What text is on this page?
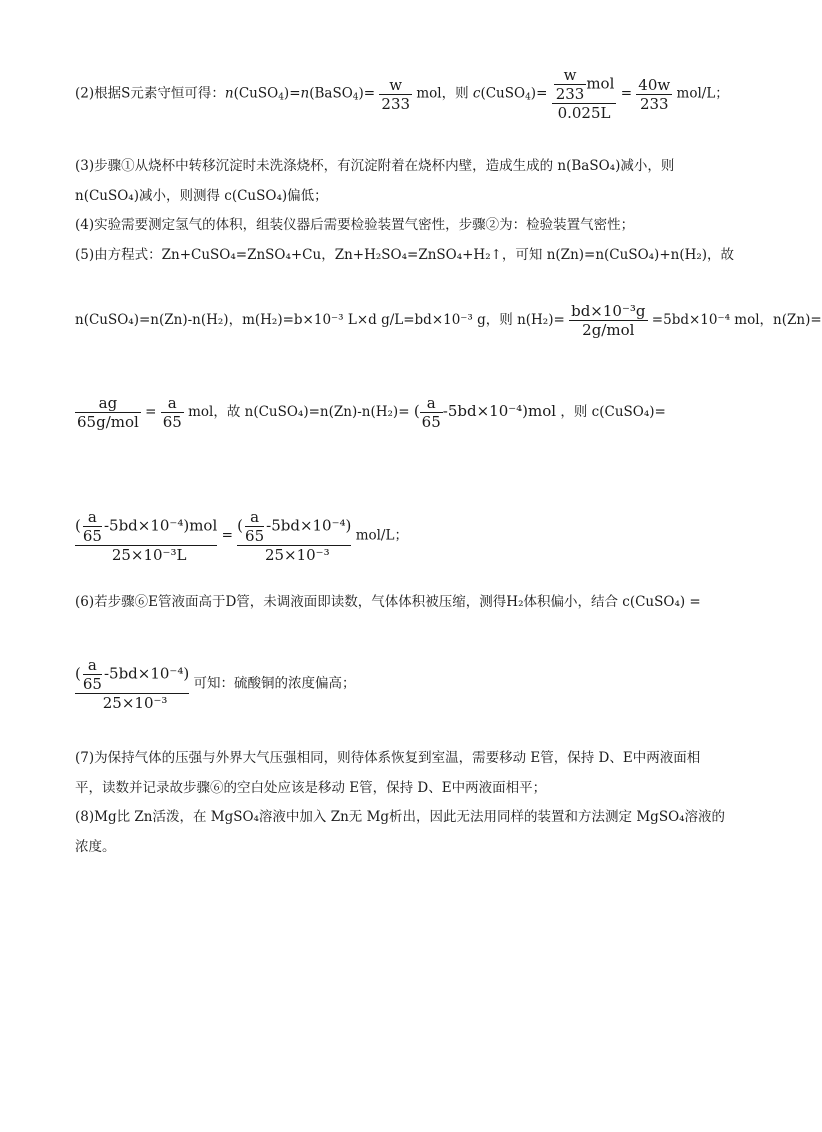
(2)根据S元素守恒可得：n(CuSO$_4$)=n(BaSO$_4$)= $\frac{w}{233}$ mol，则 c(CuSO$_4$)= $\frac{\frac{w}{233} mol}{0.025L} = \frac{40w}{233} mol/L$；
(3)步骤①从烧杯中转移沉淀时未洗涤烧杯，有沉淀附着在烧杯内壁，造成生成的 n(BaSO₄)减小，则
n(CuSO₄)减小，则测得 c(CuSO₄)偏低；
(4)实验需要测定氢气的体积，组装仪器后需要检验装置气密性，步骤②为：检验装置气密性；
(5)由方程式：Zn+CuSO₄=ZnSO₄+Cu，Zn+H₂SO₄=ZnSO₄+H₂↑，可知 n(Zn)=n(CuSO₄)+n(H₂)，故
n(CuSO₄)=n(Zn)-n(H₂)，m(H₂)=b×10⁻³ L×d g/L=bd×10⁻³ g，则 $n(H_2)= \frac{\text{bd×10⁻³g}}{\text{2g/mol}} =5bd\times 10^{-4}$ mol，n(Zn)=
$\frac{ag}{\text{65g/mol}} = \frac{a}{65}$ mol，故 n(CuSO₄)=n(Zn)-n(H₂)= ( $\frac{a}{65} -5bd\times 10^{-4})mol$ ，则 c(CuSO₄)=
( $\frac{a}{65} -5bd\times 10^{-4})mol$
25×10⁻³L
= $\frac{( \frac{a}{65} -5bd\times 10^{-4})}{\text{25×10⁻³}} mol/L$；
(6)若步骤⑥E管液面高于D管，未调液面即读数，气体体积被压缩，测得H₂体积偏小，结合 c(CuSO₄) =
$\frac{( \frac{a}{65} -5bd\times 10^{-4})}{\text{25×10⁻³}}$ 可知：硫酸铜的浓度偏高；
(7)为保持气体的压强与外界大气压强相同，则待体系恢复到室温，需要移动 E管，保持 D、E中两液面相
平，读数并记录故步骤⑥的空白处应该是移动 E管，保持 D、E中两液面相平；
(8)Mg比 Zn活泼，在 MgSO₄溶液中加入 Zn无 Mg析出，因此无法用同样的装置和方法测定 MgSO₄溶液的
浓度。
